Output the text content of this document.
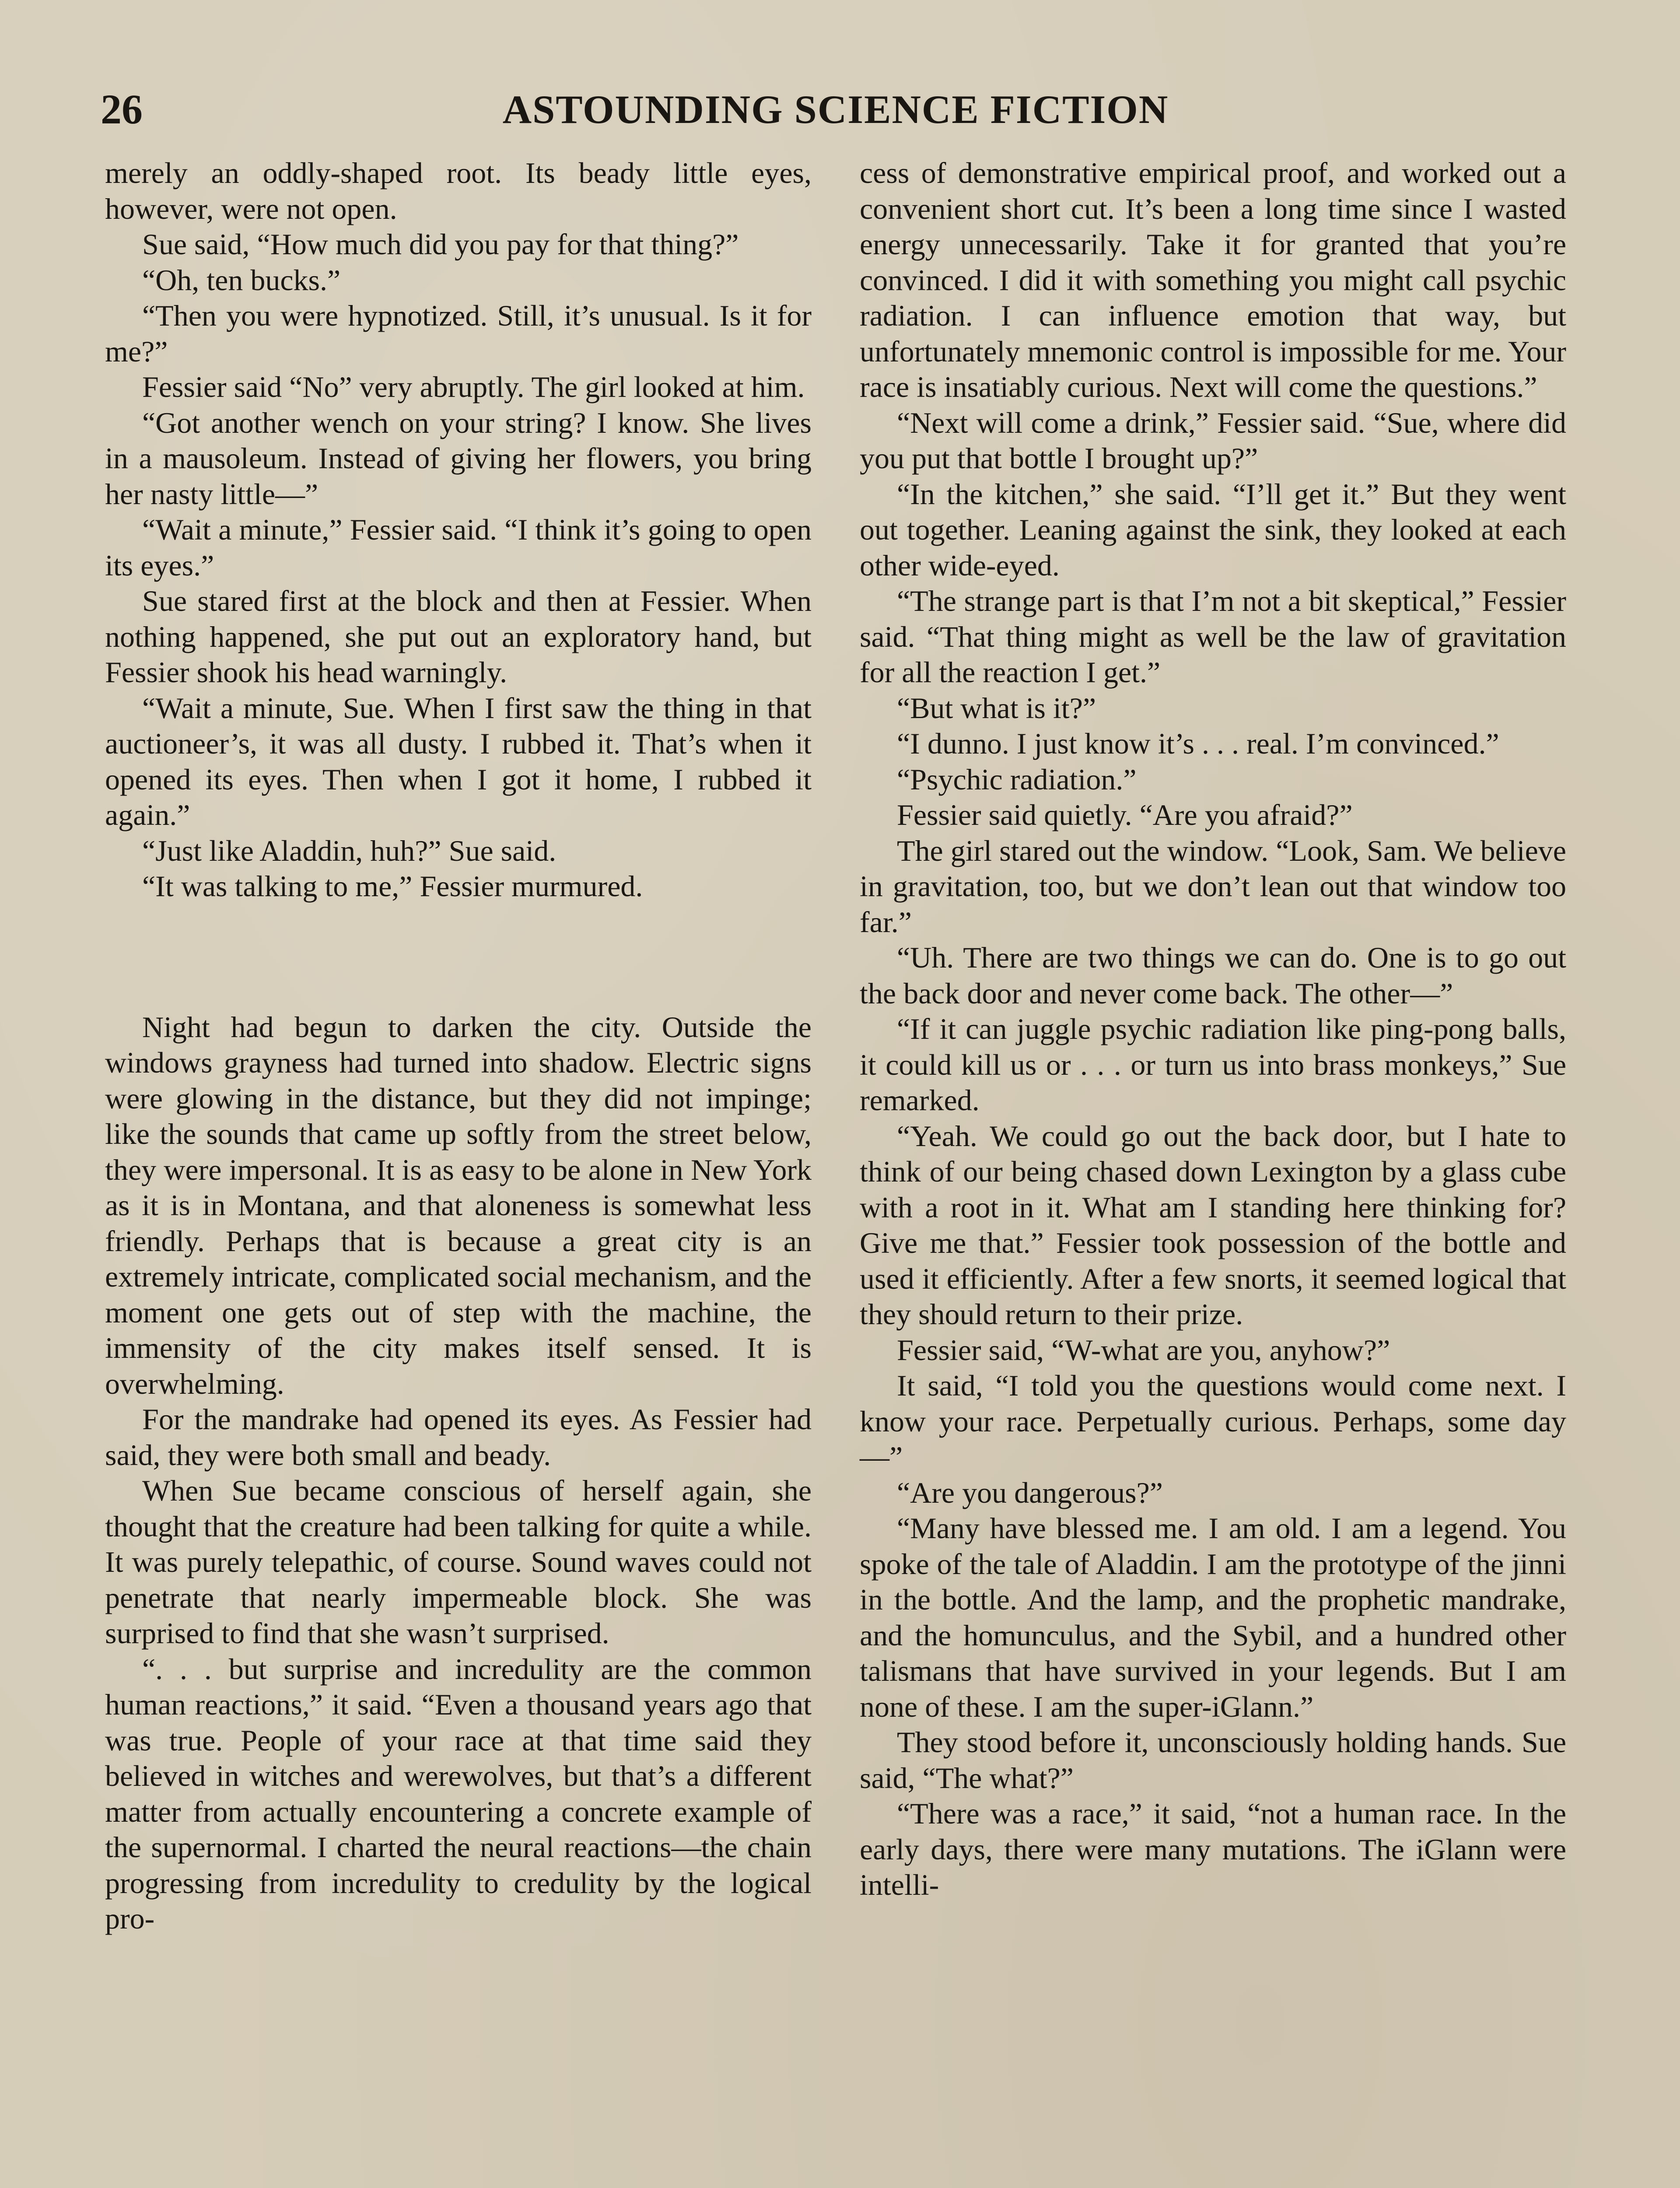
26	ASTOUNDING SCIENCE FICTION

merely an oddly-shaped root. Its beady little eyes, however, were not open.

Sue said, “How much did you pay for that thing?”

“Oh, ten bucks.”

“Then you were hypnotized. Still, it’s unusual. Is it for me?”

Fessier said “No” very abruptly. The girl looked at him.

“Got another wench on your string? I know. She lives in a mausoleum. Instead of giving her flowers, you bring her nasty little—”

“Wait a minute,” Fessier said. “I think it’s going to open its eyes.”

Sue stared first at the block and then at Fessier. When nothing happened, she put out an exploratory hand, but Fessier shook his head warningly.

“Wait a minute, Sue. When I first saw the thing in that auctioneer’s, it was all dusty. I rubbed it. That’s when it opened its eyes. Then when I got it home, I rubbed it again.”

“Just like Aladdin, huh?” Sue said.

“It was talking to me,” Fessier murmured.

Night had begun to darken the city. Outside the windows grayness had turned into shadow. Electric signs were glowing in the distance, but they did not impinge; like the sounds that came up softly from the street below, they were impersonal. It is as easy to be alone in New York as it is in Montana, and that aloneness is somewhat less friendly. Perhaps that is because a great city is an extremely intricate, complicated social mechanism, and the moment one gets out of step with the machine, the immensity of the city makes itself sensed. It is overwhelming.

For the mandrake had opened its eyes. As Fessier had said, they were both small and beady.

When Sue became conscious of herself again, she thought that the creature had been talking for quite a while. It was purely telepathic, of course. Sound waves could not penetrate that nearly impermeable block. She was surprised to find that she wasn’t surprised.

“. . . but surprise and incredulity are the common human reactions,” it said. “Even a thousand years ago that was true. People of your race at that time said they believed in witches and werewolves, but that’s a different matter from actually encountering a concrete example of the supernormal. I charted the neural reactions—the chain progressing from incredulity to credulity by the logical pro-

cess of demonstrative empirical proof, and worked out a convenient short cut. It’s been a long time since I wasted energy unnecessarily. Take it for granted that you’re convinced. I did it with something you might call psychic radiation. I can influence emotion that way, but unfortunately mnemonic control is impossible for me. Your race is insatiably curious. Next will come the questions.”

“Next will come a drink,” Fessier said. “Sue, where did you put that bottle I brought up?”

“In the kitchen,” she said. “I’ll get it.” But they went out together. Leaning against the sink, they looked at each other wide-eyed.

“The strange part is that I’m not a bit skeptical,” Fessier said. “That thing might as well be the law of gravitation for all the reaction I get.”

“But what is it?”

“I dunno. I just know it’s . . . real. I’m convinced.”

“Psychic radiation.”

Fessier said quietly. “Are you afraid?”

The girl stared out the window. “Look, Sam. We believe in gravitation, too, but we don’t lean out that window too far.”

“Uh. There are two things we can do. One is to go out the back door and never come back. The other—”

“If it can juggle psychic radiation like ping-pong balls, it could kill us or . . . or turn us into brass monkeys,” Sue remarked.

“Yeah. We could go out the back door, but I hate to think of our being chased down Lexington by a glass cube with a root in it. What am I standing here thinking for? Give me that.” Fessier took possession of the bottle and used it efficiently. After a few snorts, it seemed logical that they should return to their prize.

Fessier said, “W-what are you, anyhow?”

It said, “I told you the questions would come next. I know your race. Perpetually curious. Perhaps, some day—”

“Are you dangerous?”

“Many have blessed me. I am old. I am a legend. You spoke of the tale of Aladdin. I am the prototype of the jinni in the bottle. And the lamp, and the prophetic mandrake, and the homunculus, and the Sybil, and a hundred other talismans that have survived in your legends. But I am none of these. I am the super-iGlann.”

They stood before it, unconsciously holding hands. Sue said, “The what?”

“There was a race,” it said, “not a human race. In the early days, there were many mutations. The iGlann were intelli-
